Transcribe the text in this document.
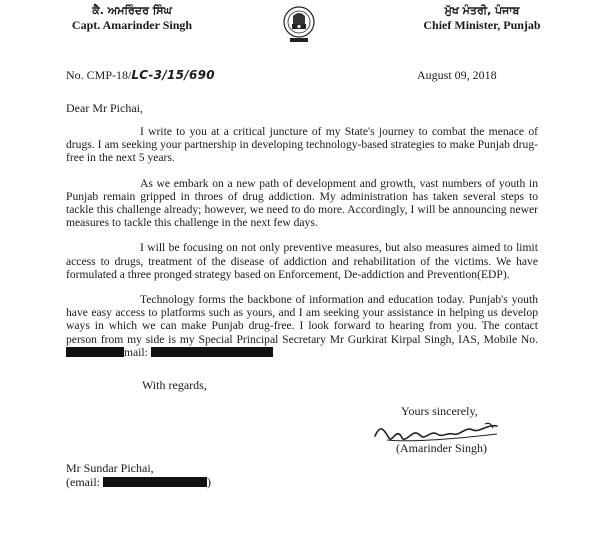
ਕੈ. ਅਮਰਿੰਦਰ ਸਿੰਘ
Capt. Amarinder Singh
ਮੁੱਖ ਮੰਤਰੀ, ਪੰਜਾਬ
Chief Minister, Punjab
No. CMP-18/LC-3/15/690	August 09, 2018
Dear Mr Pichai,

I write to you at a critical juncture of my State's journey to combat the menace of drugs. I am seeking your partnership in developing technology-based strategies to make Punjab drug-free in the next 5 years.

As we embark on a new path of development and growth, vast numbers of youth in Punjab remain gripped in throes of drug addiction. My administration has taken several steps to tackle this challenge already; however, we need to do more. Accordingly, I will be announcing newer measures to tackle this challenge in the next few days.

I will be focusing on not only preventive measures, but also measures aimed to limit access to drugs, treatment of the disease of addiction and rehabilitation of the victims. We have formulated a three pronged strategy based on Enforcement, De-addiction and Prevention(EDP).

Technology forms the backbone of information and education today. Punjab's youth have easy access to platforms such as yours, and I am seeking your assistance in helping us develop ways in which we can make Punjab drug-free. I look forward to hearing from you. The contact person from my side is my Special Principal Secretary Mr Gurkirat Kirpal Singh, IAS, Mobile No. mail:

With regards,
Yours sincerely,
(Amarinder Singh)
Mr Sundar Pichai,
(email:	)
